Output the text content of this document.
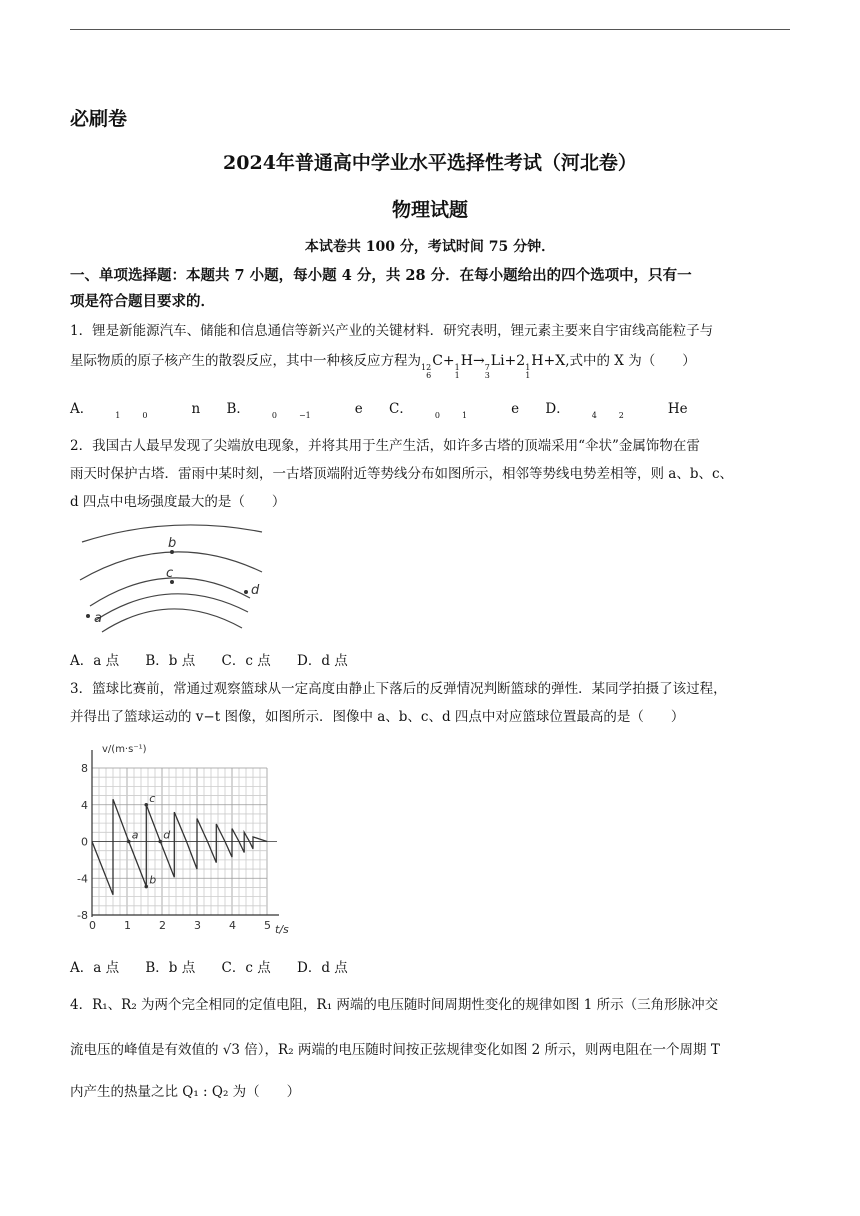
必刷卷
2024年普通高中学业水平选择性考试（河北卷）
物理试题
本试卷共 100 分，考试时间 75 分钟．
一、单项选择题：本题共 7 小题，每小题 4 分，共 28 分．在每小题给出的四个选项中，只有一
项是符合题目要求的．
1．锂是新能源汽车、储能和信息通信等新兴产业的关键材料．研究表明，锂元素主要来自宇宙线高能粒子与
星际物质的原子核产生的散裂反应，其中一种核反应方程为 12
6
C+ 1
1
H→ 7
3
Li+2 1
1
H+X,式中的 X 为（　　）
A．	1	0	n B．	0	−1	e C．	0	1	e D．	4	2	He
2．我国古人最早发现了尖端放电现象，并将其用于生产生活，如许多古塔的顶端采用“伞状”金属饰物在雷
雨天时保护古塔．雷雨中某时刻，一古塔顶端附近等势线分布如图所示，相邻等势线电势差相等，则 a、b、c、
d 四点中电场强度最大的是（　　）
b
c
d
a
A．a 点 B．b 点 C．c 点 D．d 点
3．篮球比赛前，常通过观察篮球从一定高度由静止下落后的反弹情况判断篮球的弹性．某同学拍摄了该过程，
并得出了篮球运动的 v−t 图像，如图所示．图像中 a、b、c、d 四点中对应篮球位置最高的是（　　）
0	1	2	3	4	5
8
4
0
-4
-8
a
b
c
d
v/(m·s⁻¹)
t/s
A．a 点 B．b 点 C．c 点 D．d 点
4．R₁、R₂ 为两个完全相同的定值电阻，R₁ 两端的电压随时间周期性变化的规律如图 1 所示（三角形脉冲交
流电压的峰值是有效值的 √3 倍），R₂ 两端的电压随时间按正弦规律变化如图 2 所示，则两电阻在一个周期 T
内产生的热量之比 Q₁ : Q₂ 为（　　）
